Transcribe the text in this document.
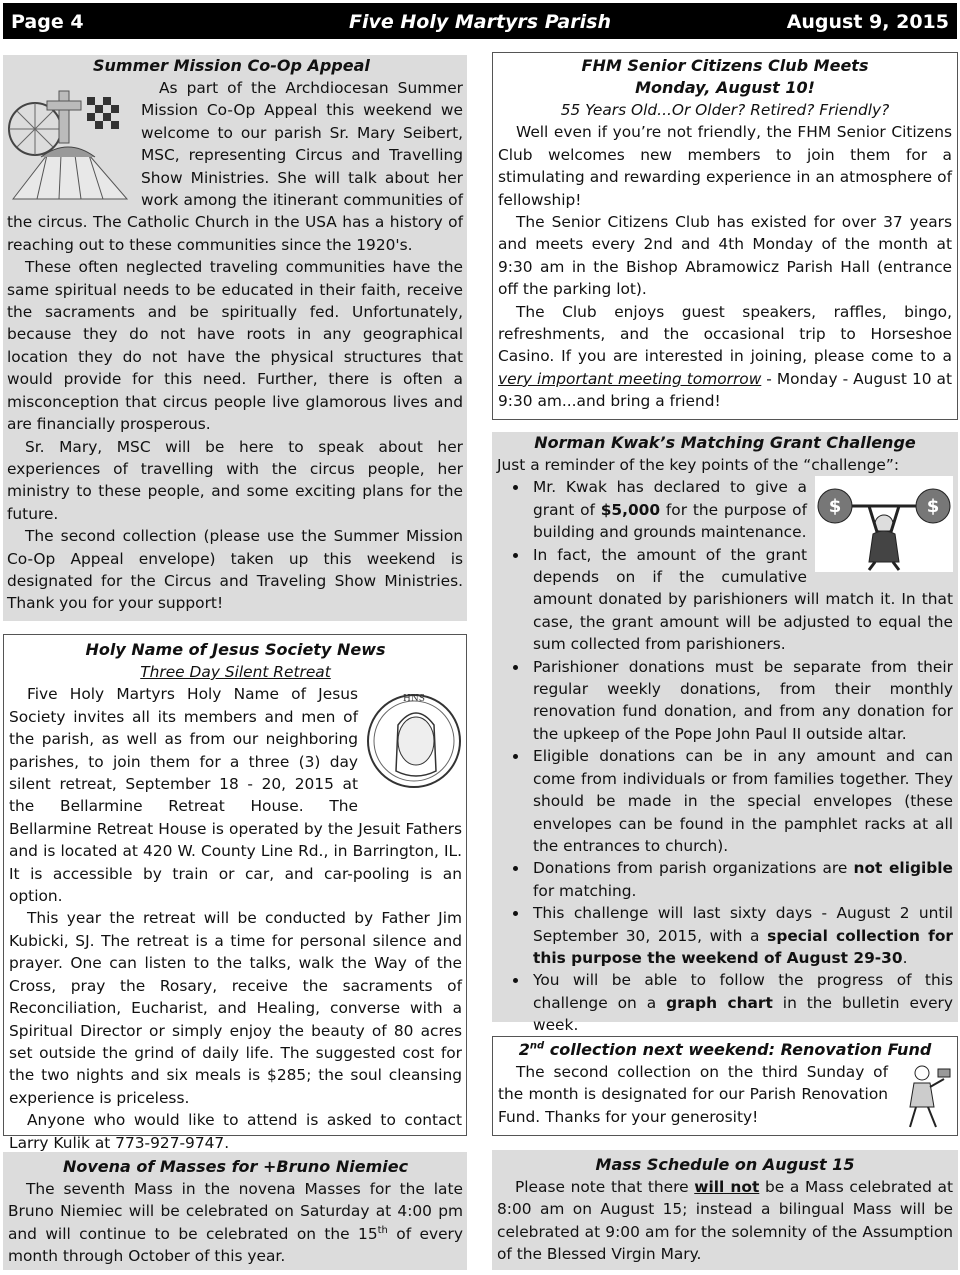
Five Holy Martyrs Parish
Page 4	August 9, 2015
Summer Mission Co-Op Appeal

As part of the Archdiocesan Summer Mission Co-Op Appeal this weekend we welcome to our parish Sr. Mary Seibert, MSC, representing Circus and Travelling Show Ministries. She will talk about her work among the itinerant communities of the circus. The Catholic Church in the USA has a history of reaching out to these communities since the 1920's.

These often neglected traveling communities have the same spiritual needs to be educated in their faith, receive the sacraments and be spiritually fed. Unfortunately, because they do not have roots in any geographical location they do not have the physical structures that would provide for this need. Further, there is often a misconception that circus people live glamorous lives and are financially prosperous.

Sr. Mary, MSC will be here to speak about her experiences of travelling with the circus people, her ministry to these people, and some exciting plans for the future.

The second collection (please use the Summer Mission Co-Op Appeal envelope) taken up this weekend is designated for the Circus and Traveling Show Ministries. Thank you for your support!

Holy Name of Jesus Society News
Three Day Silent Retreat
HNS

Five Holy Martyrs Holy Name of Jesus Society invites all its members and men of the parish, as well as from our neighboring parishes, to join them for a three (3) day silent retreat, September 18 - 20, 2015 at the Bellarmine Retreat House. The Bellarmine Retreat House is operated by the Jesuit Fathers and is located at 420 W. County Line Rd., in Barrington, IL. It is accessible by train or car, and car-pooling is an option.

This year the retreat will be conducted by Father Jim Kubicki, SJ. The retreat is a time for personal silence and prayer. One can listen to the talks, walk the Way of the Cross, pray the Rosary, receive the sacraments of Reconciliation, Eucharist, and Healing, converse with a Spiritual Director or simply enjoy the beauty of 80 acres set outside the grind of daily life. The suggested cost for the two nights and six meals is $285; the soul cleansing experience is priceless.

Anyone who would like to attend is asked to contact Larry Kulik at 773-927-9747.

Novena of Masses for +Bruno Niemiec

The seventh Mass in the novena Masses for the late Bruno Niemiec will be celebrated on Saturday at 4:00 pm and will continue to be celebrated on the 15th of every month through October of this year.

FHM Senior Citizens Club Meets
Monday, August 10!
55 Years Old...Or Older? Retired? Friendly?

Well even if you’re not friendly, the FHM Senior Citizens Club welcomes new members to join them for a stimulating and rewarding experience in an atmosphere of fellowship!

The Senior Citizens Club has existed for over 37 years and meets every 2nd and 4th Monday of the month at 9:30 am in the Bishop Abramowicz Parish Hall (entrance off the parking lot).

The Club enjoys guest speakers, raffles, bingo, refreshments, and the occasional trip to Horseshoe Casino. If you are interested in joining, please come to a very important meeting tomorrow - Monday - August 10 at 9:30 am...and bring a friend!

Norman Kwak’s Matching Grant Challenge
Just a reminder of the key points of the “challenge”:
$	$
• Mr. Kwak has declared to give a grant of $5,000 for the purpose of building and grounds maintenance.
• In fact, the amount of the grant depends on if the cumulative amount donated by parishioners will match it. In that case, the grant amount will be adjusted to equal the sum collected from parishioners.
• Parishioner donations must be separate from their regular weekly donations, from their monthly renovation fund donation, and from any donation for the upkeep of the Pope John Paul II outside altar.
• Eligible donations can be in any amount and can come from individuals or from families together. They should be made in the special envelopes (these envelopes can be found in the pamphlet racks at all the entrances to church).
• Donations from parish organizations are not eligible for matching.
• This challenge will last sixty days - August 2 until September 30, 2015, with a special collection for this purpose the weekend of August 29-30.
• You will be able to follow the progress of this challenge on a graph chart in the bulletin every week.
2nd collection next weekend: Renovation Fund

The second collection on the third Sunday of the month is designated for our Parish Renovation Fund. Thanks for your generosity!

Mass Schedule on August 15

Please note that there will not be a Mass celebrated at 8:00 am on August 15; instead a bilingual Mass will be celebrated at 9:00 am for the solemnity of the Assumption of the Blessed Virgin Mary.
